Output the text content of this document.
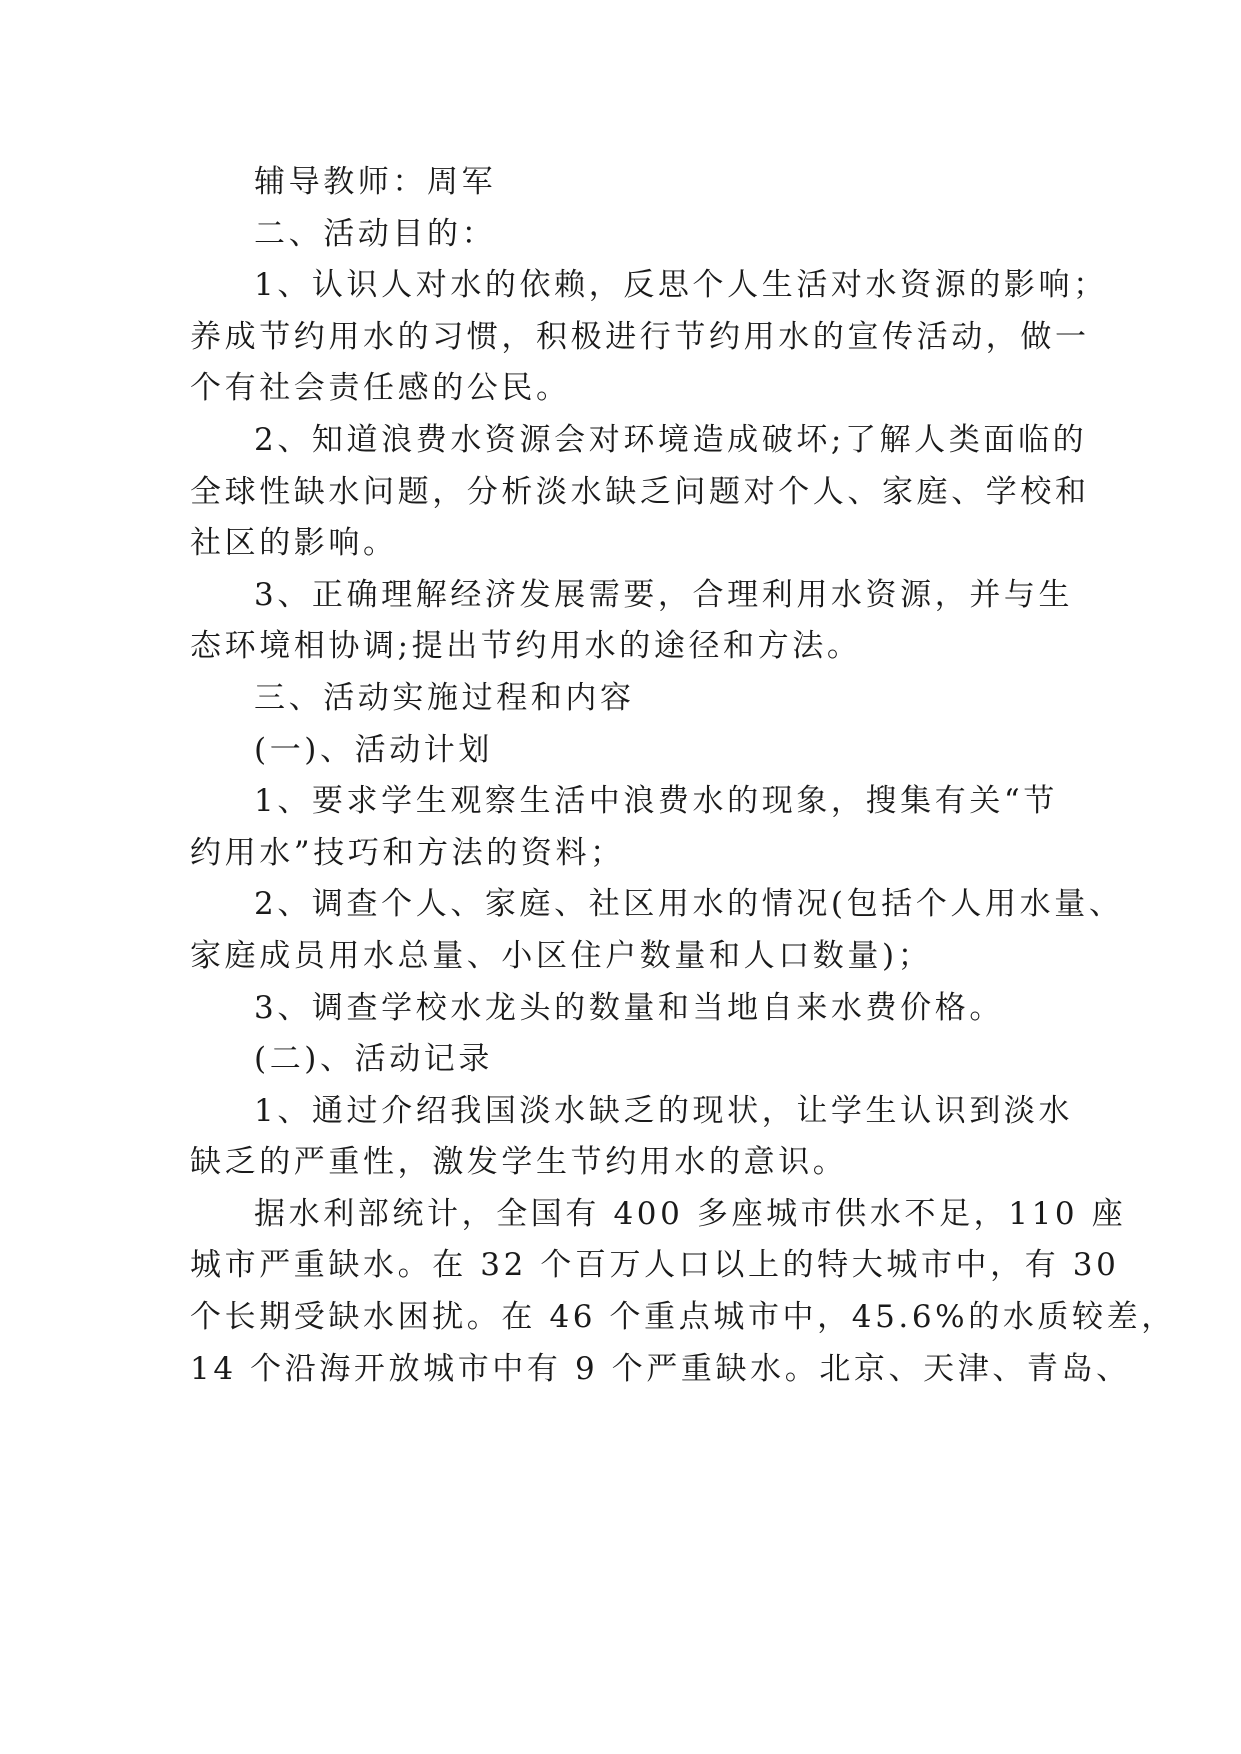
辅导教师：周军

二、活动目的：

1、认识人对水的依赖，反思个人生活对水资源的影响；
养成节约用水的习惯，积极进行节约用水的宣传活动，做一
个有社会责任感的公民。

2、知道浪费水资源会对环境造成破坏;了解人类面临的
全球性缺水问题，分析淡水缺乏问题对个人、家庭、学校和
社区的影响。

3、正确理解经济发展需要，合理利用水资源，并与生
态环境相协调;提出节约用水的途径和方法。

三、活动实施过程和内容

(一)、活动计划

1、要求学生观察生活中浪费水的现象，搜集有关“节
约用水”技巧和方法的资料；

2、调查个人、家庭、社区用水的情况(包括个人用水量、
家庭成员用水总量、小区住户数量和人口数量)；

3、调查学校水龙头的数量和当地自来水费价格。

(二)、活动记录

1、通过介绍我国淡水缺乏的现状，让学生认识到淡水
缺乏的严重性，激发学生节约用水的意识。

据水利部统计，全国有 400 多座城市供水不足，110 座
城市严重缺水。在 32 个百万人口以上的特大城市中，有 30
个长期受缺水困扰。在 46 个重点城市中，45.6%的水质较差，
14 个沿海开放城市中有 9 个严重缺水。北京、天津、青岛、
